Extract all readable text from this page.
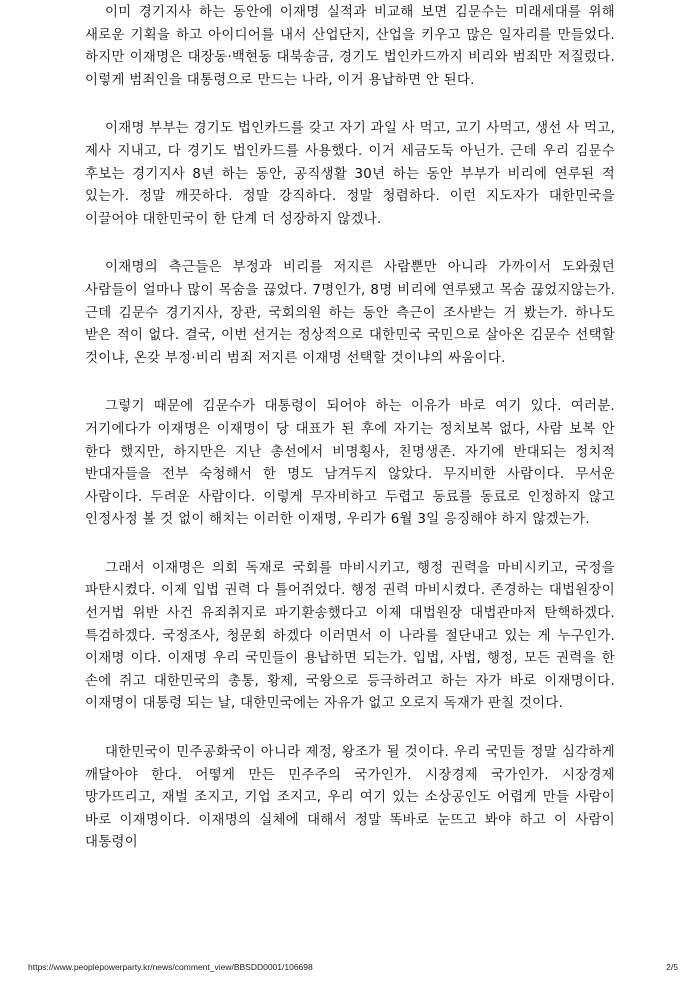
이미 경기지사 하는 동안에 이재명 실적과 비교해 보면 김문수는 미래세대를 위해 새로운 기획을 하고 아이디어를 내서 산업단지, 산업을 키우고 많은 일자리를 만들었다. 하지만 이재명은 대장동·백현동 대북송금, 경기도 법인카드까지 비리와 범죄만 저질렀다. 이렇게 범죄인을 대통령으로 만드는 나라, 이거 용납하면 안 된다.

이재명 부부는 경기도 법인카드를 갖고 자기 과일 사 먹고, 고기 사먹고, 생선 사 먹고, 제사 지내고, 다 경기도 법인카드를 사용했다. 이거 세금도둑 아닌가. 근데 우리 김문수 후보는 경기지사 8년 하는 동안, 공직생활 30년 하는 동안 부부가 비리에 연루된 적 있는가. 정말 깨끗하다. 정말 강직하다. 정말 청렴하다. 이런 지도자가 대한민국을 이끌어야 대한민국이 한 단계 더 성장하지 않겠나.

이재명의 측근들은 부정과 비리를 저지른 사람뿐만 아니라 가까이서 도와줬던 사람들이 얼마나 많이 목숨을 끊었다. 7명인가, 8명 비리에 연루됐고 목숨 끊었지않는가. 근데 김문수 경기지사, 장관, 국회의원 하는 동안 측근이 조사받는 거 봤는가. 하나도 받은 적이 없다. 결국, 이번 선거는 정상적으로 대한민국 국민으로 살아온 김문수 선택할 것이냐, 온갖 부정·비리 범죄 저지른 이재명 선택할 것이냐의 싸움이다.

그렇기 때문에 김문수가 대통령이 되어야 하는 이유가 바로 여기 있다. 여러분. 거기에다가 이재명은 이재명이 당 대표가 된 후에 자기는 정치보복 없다, 사람 보복 안 한다 했지만, 하지만은 지난 총선에서 비명횡사, 친명생존. 자기에 반대되는 정치적 반대자들을 전부 숙청해서 한 명도 남겨두지 않았다. 무지비한 사람이다. 무서운 사람이다. 두려운 사람이다. 이렇게 무자비하고 두렵고 동료를 동료로 인정하지 않고 인정사정 볼 것 없이 해치는 이러한 이재명, 우리가 6월 3일 응징해야 하지 않겠는가.

그래서 이재명은 의회 독재로 국회를 마비시키고, 행정 권력을 마비시키고, 국정을 파탄시켰다. 이제 입법 권력 다 틀어쥐었다. 행정 권력 마비시켰다. 존경하는 대법원장이 선거법 위반 사건 유죄취지로 파기환송했다고 이제 대법원장 대법관마저 탄핵하겠다. 특검하겠다. 국정조사, 청문회 하겠다 이러면서 이 나라를 절단내고 있는 게 누구인가. 이재명 이다. 이재명 우리 국민들이 용납하면 되는가. 입법, 사법, 행정, 모든 권력을 한 손에 쥐고 대한민국의 총통, 황제, 국왕으로 등극하려고 하는 자가 바로 이재명이다. 이재명이 대통령 되는 날, 대한민국에는 자유가 없고 오로지 독재가 판칠 것이다.

대한민국이 민주공화국이 아니라 제정, 왕조가 될 것이다. 우리 국민들 정말 심각하게 깨달아야 한다. 어떻게 만든 민주주의 국가인가. 시장경제 국가인가. 시장경제 망가뜨리고, 재벌 조지고, 기업 조지고, 우리 여기 있는 소상공인도 어렵게 만들 사람이 바로 이재명이다. 이재명의 실체에 대해서 정말 똑바로 눈뜨고 봐야 하고 이 사람이 대통령이

https://www.peoplepowerparty.kr/news/comment_view/BBSDD0001/106698	2/5
